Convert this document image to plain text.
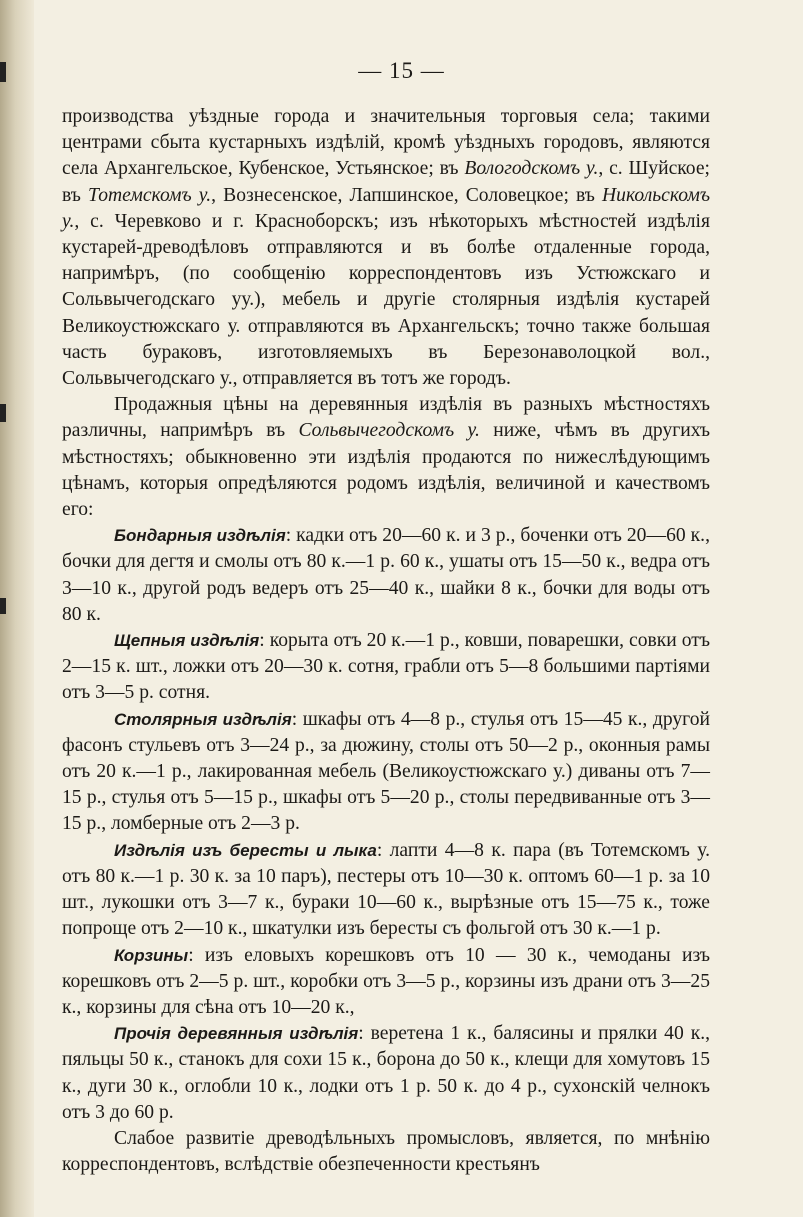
— 15 —

производства уѣздные города и значительныя торговыя села; такими центрами сбыта кустарныхъ издѣлій, кромѣ уѣздныхъ городовъ, являются села Архангельское, Кубенское, Устьянское; въ Вологодскомъ у., с. Шуйское; въ Тотемскомъ у., Вознесенское, Лапшинское, Соловецкое; въ Никольскомъ у., с. Черевково и г. Красноборскъ; изъ нѣкоторыхъ мѣстностей издѣлія кустарей-древодѣловъ отправляются и въ болѣе отдаленные города, напримѣръ, (по сообщенію корреспондентовъ изъ Устюжскаго и Сольвычегодскаго уу.), мебель и другіе столярныя издѣлія кустарей Великоустюжскаго у. отправляются въ Архангельскъ; точно также большая часть бураковъ, изготовляемыхъ въ Березонаволоцкой вол., Сольвычегодскаго у., отправляется въ тотъ же городъ.

Продажныя цѣны на деревянныя издѣлія въ разныхъ мѣстностяхъ различны, напримѣръ въ Сольвычегодскомъ у. ниже, чѣмъ въ другихъ мѣстностяхъ; обыкновенно эти издѣлія продаются по нижеслѣдующимъ цѣнамъ, которыя опредѣляются родомъ издѣлія, величиной и качествомъ его:

Бондарныя издѣлія: кадки отъ 20—60 к. и 3 р., боченки отъ 20—60 к., бочки для дегтя и смолы отъ 80 к.—1 р. 60 к., ушаты отъ 15—50 к., ведра отъ 3—10 к., другой родъ ведеръ отъ 25—40 к., шайки 8 к., бочки для воды отъ 80 к.

Щепныя издѣлія: корыта отъ 20 к.—1 р., ковши, поварешки, совки отъ 2—15 к. шт., ложки отъ 20—30 к. сотня, грабли отъ 5—8 большими партіями отъ 3—5 р. сотня.

Столярныя издѣлія: шкафы отъ 4—8 р., стулья отъ 15—45 к., другой фасонъ стульевъ отъ 3—24 р., за дюжину, столы отъ 50—2 р., оконныя рамы отъ 20 к.—1 р., лакированная мебель (Великоустюжскаго у.) диваны отъ 7—15 р., стулья отъ 5—15 р., шкафы отъ 5—20 р., столы передвиванные отъ 3—15 р., ломберные отъ 2—3 р.

Издѣлія изъ бересты и лыка: лапти 4—8 к. пара (въ Тотемскомъ у. отъ 80 к.—1 р. 30 к. за 10 паръ), пестеры отъ 10—30 к. оптомъ 60—1 р. за 10 шт., лукошки отъ 3—7 к., бураки 10—60 к., вырѣзные отъ 15—75 к., тоже попроще отъ 2—10 к., шкатулки изъ бересты съ фольгой отъ 30 к.—1 р.

Корзины: изъ еловыхъ корешковъ отъ 10 — 30 к., чемоданы изъ корешковъ отъ 2—5 р. шт., коробки отъ 3—5 р., корзины изъ драни отъ 3—25 к., корзины для сѣна отъ 10—20 к.,

Прочія деревянныя издѣлія: веретена 1 к., балясины и прялки 40 к., пяльцы 50 к., станокъ для сохи 15 к., борона до 50 к., клещи для хомутовъ 15 к., дуги 30 к., оглобли 10 к., лодки отъ 1 р. 50 к. до 4 р., сухонскій челнокъ отъ 3 до 60 р.

Слабое развитіе древодѣльныхъ промысловъ, является, по мнѣнію корреспондентовъ, вслѣдствіе обезпеченности крестьянъ
